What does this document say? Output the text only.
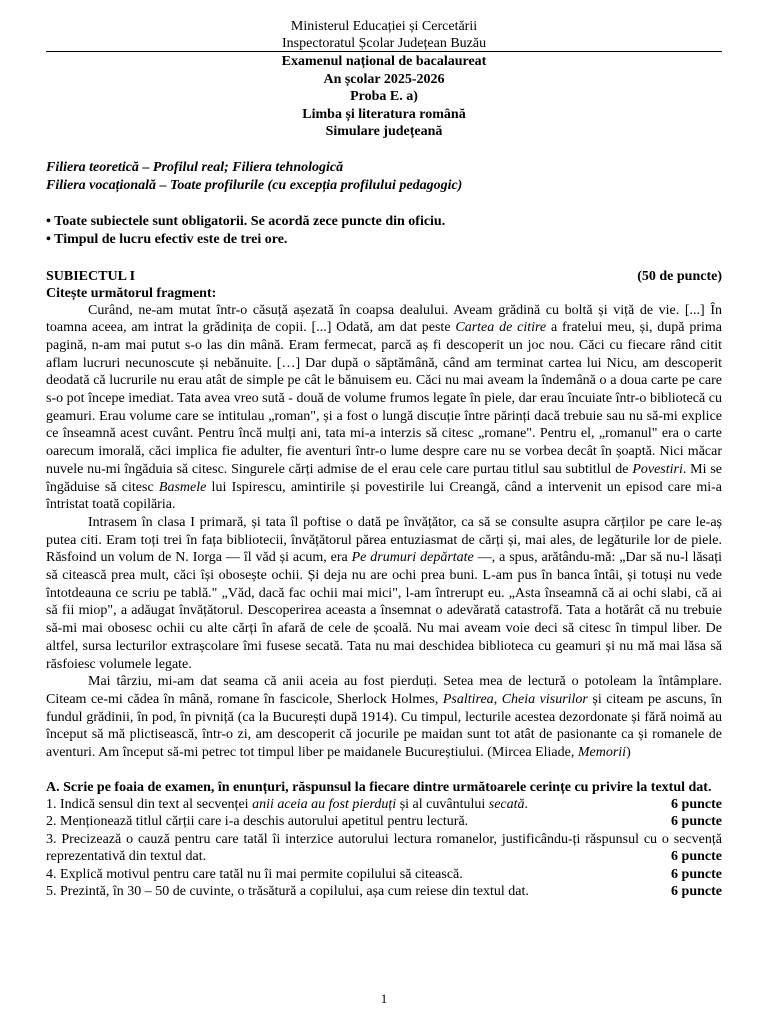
Ministerul Educației și Cercetării
Inspectoratul Școlar Județean Buzău
Examenul național de bacalaureat
An școlar 2025-2026
Proba E. a)
Limba și literatura română
Simulare județeană
Filiera teoretică – Profilul real; Filiera tehnologică
Filiera vocațională – Toate profilurile (cu excepția profilului pedagogic)
• Toate subiectele sunt obligatorii. Se acordă zece puncte din oficiu.
• Timpul de lucru efectiv este de trei ore.
SUBIECTUL I	(50 de puncte)
Citește următorul fragment:

Curând, ne-am mutat într-o căsuță așezată în coapsa dealului. Aveam grădină cu boltă și viță de vie. [...] În toamna aceea, am intrat la grădinița de copii. [...] Odată, am dat peste Cartea de citire a fratelui meu, și, după prima pagină, n-am mai putut s-o las din mână. Eram fermecat, parcă aș fi descoperit un joc nou. Căci cu fiecare rând citit aflam lucruri necunoscute și nebănuite. […] Dar după o săptămână, când am terminat cartea lui Nicu, am descoperit deodată că lucrurile nu erau atât de simple pe cât le bănuisem eu. Căci nu mai aveam la îndemână o a doua carte pe care s-o pot începe imediat. Tata avea vreo sută - două de volume frumos legate în piele, dar erau încuiate într-o bibliotecă cu geamuri. Erau volume care se intitulau „roman", și a fost o lungă discuție între părinți dacă trebuie sau nu să-mi explice ce înseamnă acest cuvânt. Pentru încă mulți ani, tata mi-a interzis să citesc „romane". Pentru el, „romanul" era o carte oarecum imorală, căci implica fie adulter, fie aventuri într-o lume despre care nu se vorbea decât în șoaptă. Nici măcar nuvele nu-mi îngăduia să citesc. Singurele cărți admise de el erau cele care purtau titlul sau subtitlul de Povestiri. Mi se îngăduise să citesc Basmele lui Ispirescu, amintirile și povestirile lui Creangă, când a intervenit un episod care mi-a întristat toată copilăria.

Intrasem în clasa I primară, și tata îl poftise o dată pe învățător, ca să se consulte asupra cărților pe care le-aș putea citi. Eram toți trei în fața bibliotecii, învățătorul părea entuziasmat de cărți și, mai ales, de legăturile lor de piele. Răsfoind un volum de N. Iorga — îl văd și acum, era Pe drumuri depărtate —, a spus, arătându-mă: „Dar să nu-l lăsați să citească prea mult, căci își obosește ochii. Și deja nu are ochi prea buni. L-am pus în banca întâi, și totuși nu vede întotdeauna ce scriu pe tablă." „Văd, dacă fac ochii mai mici", l-am întrerupt eu. „Asta înseamnă că ai ochi slabi, că ai să fii miop", a adăugat învățătorul. Descoperirea aceasta a însemnat o adevărată catastrofă. Tata a hotărât că nu trebuie să-mi mai obosesc ochii cu alte cărți în afară de cele de școală. Nu mai aveam voie deci să citesc în timpul liber. De altfel, sursa lecturilor extrașcolare îmi fusese secată. Tata nu mai deschidea biblioteca cu geamuri și nu mă mai lăsa să răsfoiesc volumele legate.

Mai târziu, mi-am dat seama că anii aceia au fost pierduți. Setea mea de lectură o potoleam la întâmplare. Citeam ce-mi cădea în mână, romane în fascicole, Sherlock Holmes, Psaltirea, Cheia visurilor și citeam pe ascuns, în fundul grădinii, în pod, în pivniță (ca la București după 1914). Cu timpul, lecturile acestea dezordonate și fără noimă au început să mă plictisească, într-o zi, am descoperit că jocurile pe maidan sunt tot atât de pasionante ca și romanele de aventuri. Am început să-mi petrec tot timpul liber pe maidanele Bucureștiului. (Mircea Eliade, Memorii)

A. Scrie pe foaia de examen, în enunțuri, răspunsul la fiecare dintre următoarele cerințe cu privire la textul dat.
1. Indică sensul din text al secvenței anii aceia au fost pierduți și al cuvântului secată.	6 puncte
2. Menționează titlul cărții care i-a deschis autorului apetitul pentru lectură.	6 puncte
3. Precizează o cauză pentru care tatăl îi interzice autorului lectura romanelor, justificându-ți răspunsul cu o secvență reprezentativă din textul dat.	6 puncte
4. Explică motivul pentru care tatăl nu îi mai permite copilului să citească.	6 puncte
5. Prezintă, în 30 – 50 de cuvinte, o trăsătură a copilului, așa cum reiese din textul dat.	6 puncte
1
